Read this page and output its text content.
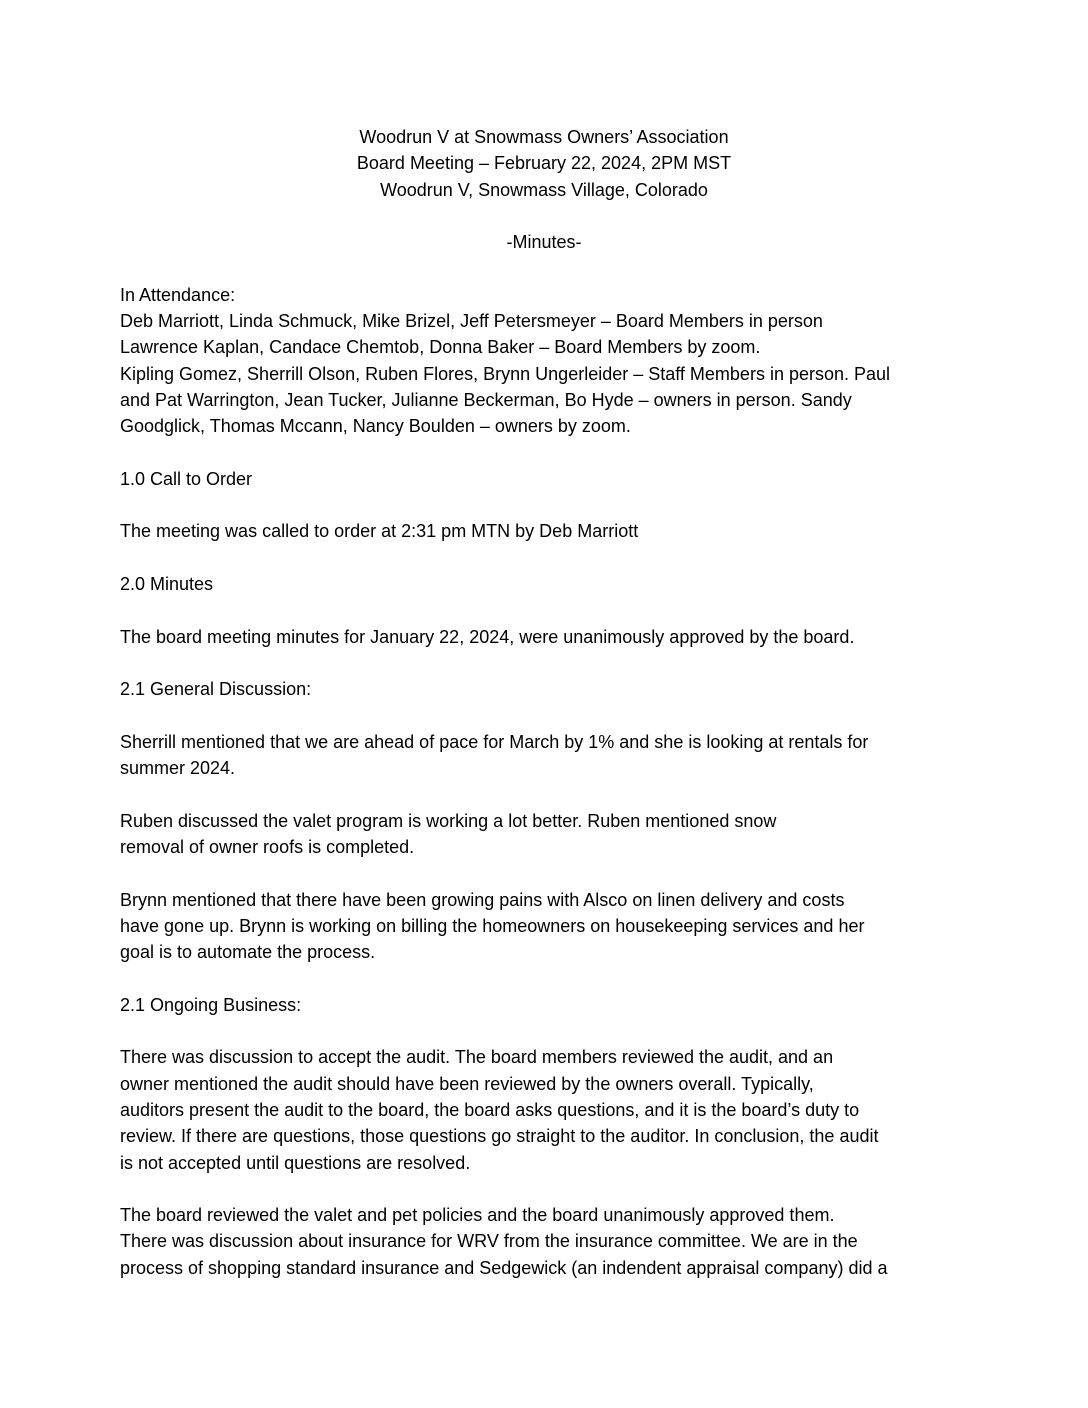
Woodrun V at Snowmass Owners’ Association
Board Meeting – February 22, 2024, 2PM MST
Woodrun V, Snowmass Village, Colorado
-Minutes-
In Attendance:
Deb Marriott, Linda Schmuck, Mike Brizel, Jeff Petersmeyer – Board Members in person
Lawrence Kaplan, Candace Chemtob, Donna Baker – Board Members by zoom.
Kipling Gomez, Sherrill Olson, Ruben Flores, Brynn Ungerleider – Staff Members in person. Paul
and Pat Warrington, Jean Tucker, Julianne Beckerman, Bo Hyde – owners in person. Sandy
Goodglick, Thomas Mccann, Nancy Boulden – owners by zoom.
1.0 Call to Order
The meeting was called to order at 2:31 pm MTN by Deb Marriott
2.0 Minutes
The board meeting minutes for January 22, 2024, were unanimously approved by the board.
2.1 General Discussion:
Sherrill mentioned that we are ahead of pace for March by 1% and she is looking at rentals for
summer 2024.
Ruben discussed the valet program is working a lot better. Ruben mentioned snow
removal of owner roofs is completed.
Brynn mentioned that there have been growing pains with Alsco on linen delivery and costs
have gone up. Brynn is working on billing the homeowners on housekeeping services and her
goal is to automate the process.
2.1 Ongoing Business:
There was discussion to accept the audit. The board members reviewed the audit, and an
owner mentioned the audit should have been reviewed by the owners overall. Typically,
auditors present the audit to the board, the board asks questions, and it is the board’s duty to
review. If there are questions, those questions go straight to the auditor. In conclusion, the audit
is not accepted until questions are resolved.
The board reviewed the valet and pet policies and the board unanimously approved them.
There was discussion about insurance for WRV from the insurance committee. We are in the
process of shopping standard insurance and Sedgewick (an indendent appraisal company) did a
